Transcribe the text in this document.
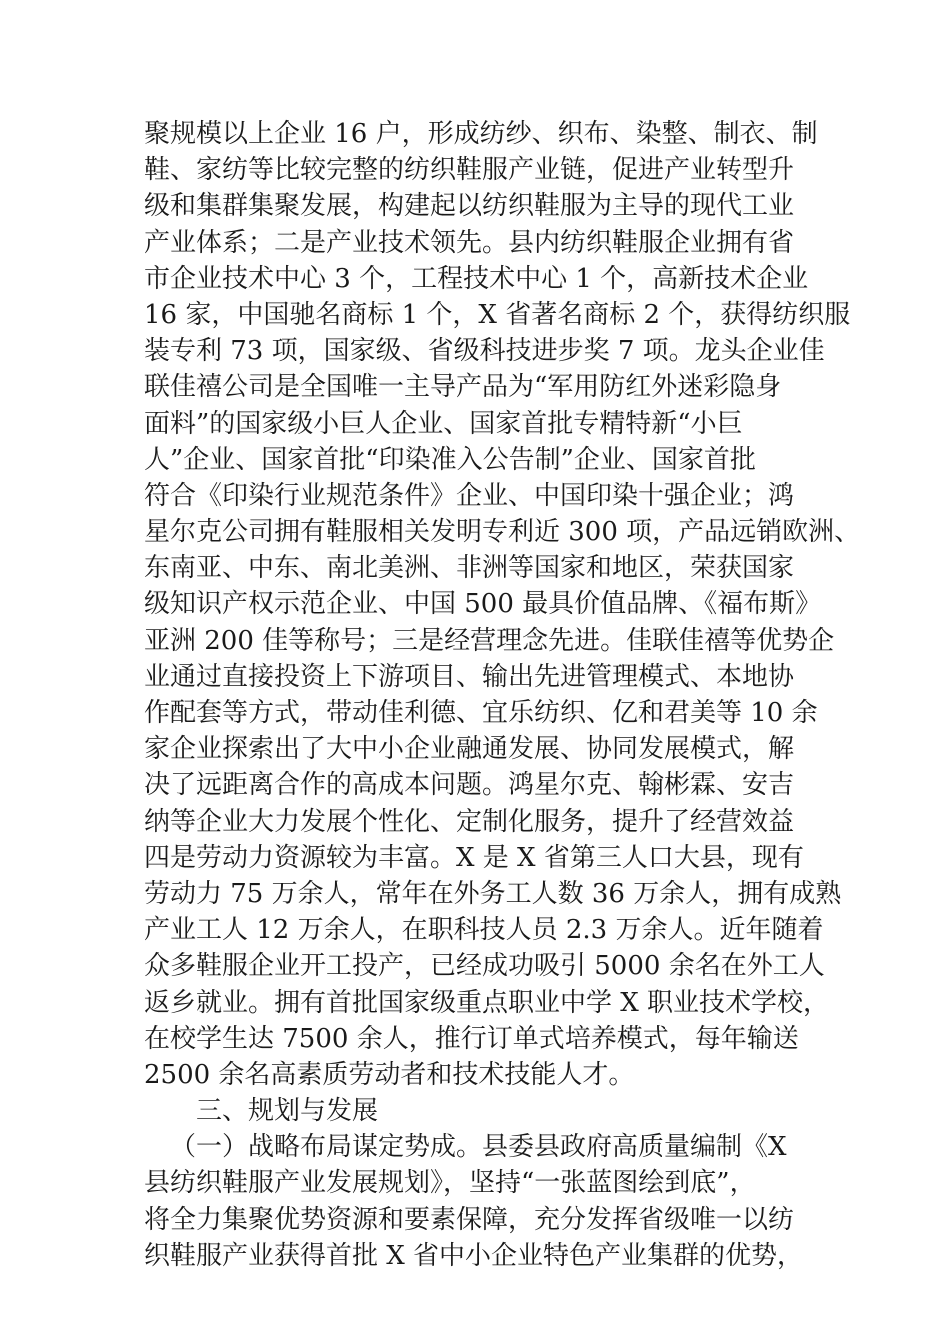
聚规模以上企业 16 户，形成纺纱、织布、染整、制衣、制
鞋、家纺等比较完整的纺织鞋服产业链，促进产业转型升
级和集群集聚发展，构建起以纺织鞋服为主导的现代工业
产业体系；二是产业技术领先。县内纺织鞋服企业拥有省
市企业技术中心 3 个，工程技术中心 1 个，高新技术企业
16 家，中国驰名商标 1 个，X 省著名商标 2 个，获得纺织服
装专利 73 项，国家级、省级科技进步奖 7 项。龙头企业佳
联佳禧公司是全国唯一主导产品为“军用防红外迷彩隐身
面料”的国家级小巨人企业、国家首批专精特新“小巨
人”企业、国家首批“印染准入公告制”企业、国家首批
符合《印染行业规范条件》企业、中国印染十强企业；鸿
星尔克公司拥有鞋服相关发明专利近 300 项，产品远销欧洲、
东南亚、中东、南北美洲、非洲等国家和地区，荣获国家
级知识产权示范企业、中国 500 最具价值品牌、《福布斯》
亚洲 200 佳等称号；三是经营理念先进。佳联佳禧等优势企
业通过直接投资上下游项目、输出先进管理模式、本地协
作配套等方式，带动佳利德、宜乐纺织、亿和君美等 10 余
家企业探索出了大中小企业融通发展、协同发展模式，解
决了远距离合作的高成本问题。鸿星尔克、翰彬霖、安吉
纳等企业大力发展个性化、定制化服务，提升了经营效益
四是劳动力资源较为丰富。X 是 X 省第三人口大县，现有
劳动力 75 万余人，常年在外务工人数 36 万余人，拥有成熟
产业工人 12 万余人，在职科技人员 2.3 万余人。近年随着
众多鞋服企业开工投产，已经成功吸引 5000 余名在外工人
返乡就业。拥有首批国家级重点职业中学 X 职业技术学校，
在校学生达 7500 余人，推行订单式培养模式，每年输送
2500 余名高素质劳动者和技术技能人才。
三、规划与发展
（一）战略布局谋定势成。县委县政府高质量编制《X
县纺织鞋服产业发展规划》，坚持“一张蓝图绘到底”，
将全力集聚优势资源和要素保障，充分发挥省级唯一以纺
织鞋服产业获得首批 X 省中小企业特色产业集群的优势，
